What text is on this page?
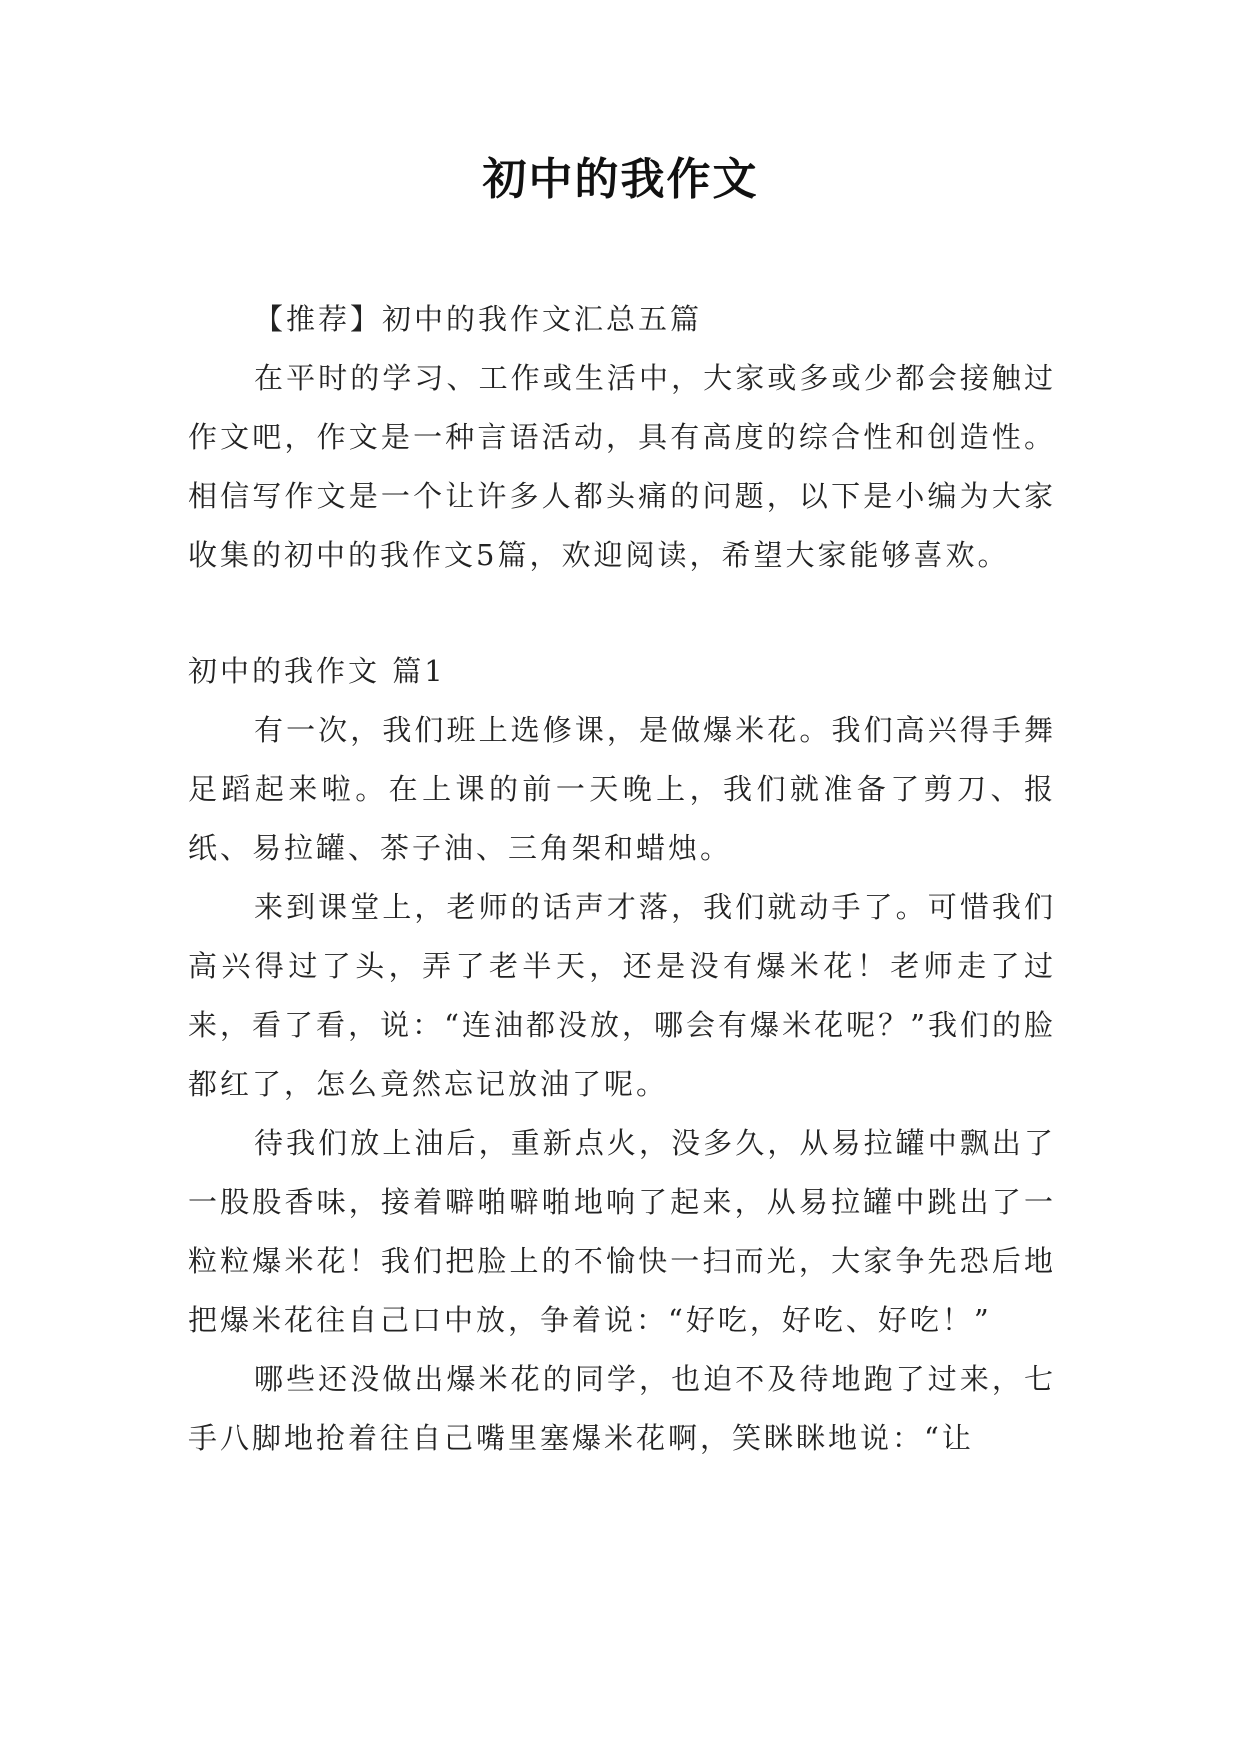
初中的我作文

【推荐】初中的我作文汇总五篇

在平时的学习、工作或生活中，大家或多或少都会接触过作文吧，作文是一种言语活动，具有高度的综合性和创造性。相信写作文是一个让许多人都头痛的问题，以下是小编为大家收集的初中的我作文5篇，欢迎阅读，希望大家能够喜欢。

初中的我作文 篇1

有一次，我们班上选修课，是做爆米花。我们高兴得手舞足蹈起来啦。在上课的前一天晚上，我们就准备了剪刀、报纸、易拉罐、茶子油、三角架和蜡烛。

来到课堂上，老师的话声才落，我们就动手了。可惜我们高兴得过了头，弄了老半天，还是没有爆米花！老师走了过来，看了看，说：“连油都没放，哪会有爆米花呢？”我们的脸都红了，怎么竟然忘记放油了呢。

待我们放上油后，重新点火，没多久，从易拉罐中飘出了一股股香味，接着噼啪噼啪地响了起来，从易拉罐中跳出了一粒粒爆米花！我们把脸上的不愉快一扫而光，大家争先恐后地把爆米花往自己口中放，争着说：“好吃，好吃、好吃！”

哪些还没做出爆米花的同学，也迫不及待地跑了过来，七手八脚地抢着往自己嘴里塞爆米花啊，笑眯眯地说：“让
